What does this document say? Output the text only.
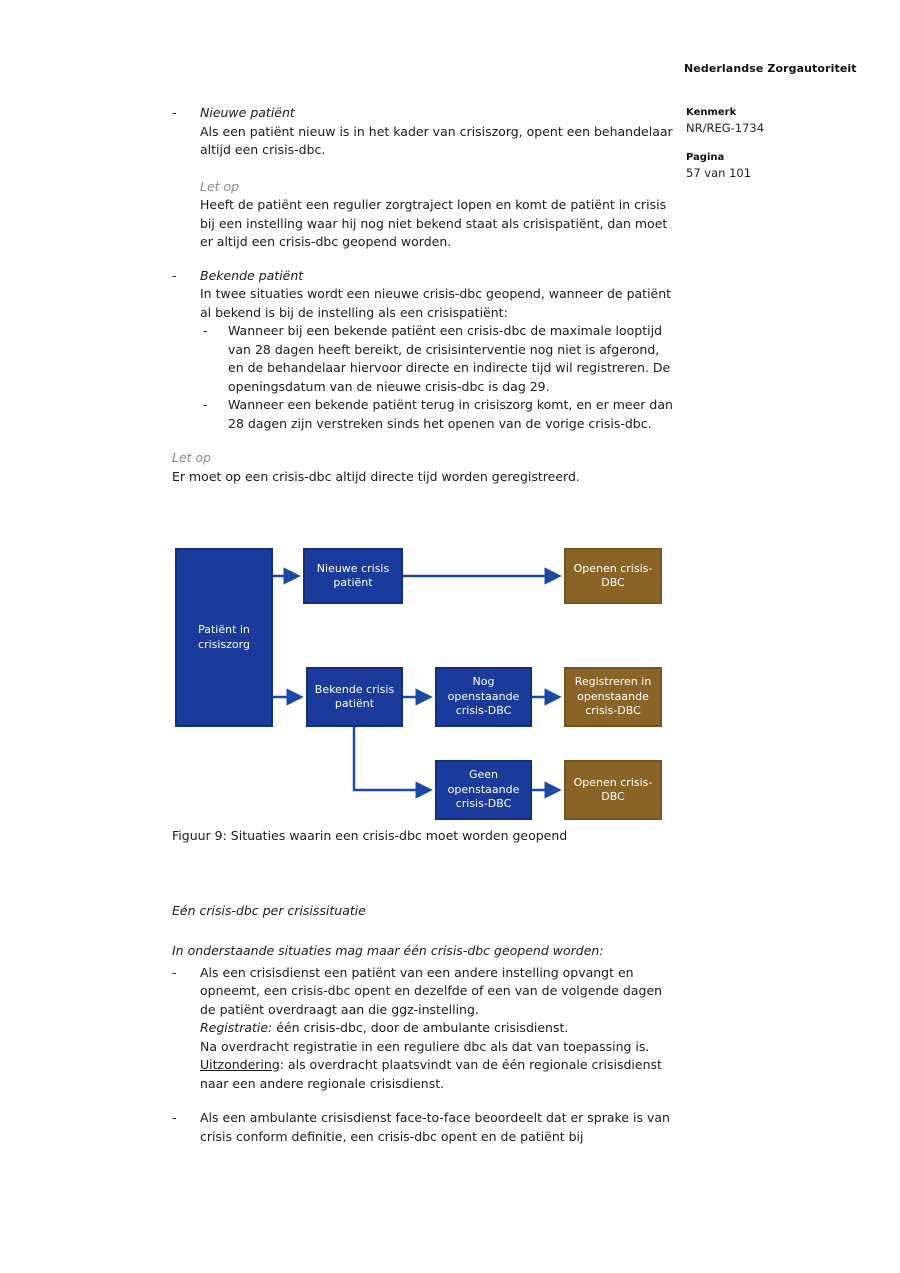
Nederlandse Zorgautoriteit
Kenmerk
NR/REG-1734
Pagina
57 van 101
-	Nieuwe patiënt
Als een patiënt nieuw is in het kader van crisiszorg, opent een behandelaar altijd een crisis-dbc.
Let op
Heeft de patiënt een regulier zorgtraject lopen en komt de patiënt in crisis bij een instelling waar hij nog niet bekend staat als crisispatiënt, dan moet er altijd een crisis-dbc geopend worden.
-	Bekende patiënt
In twee situaties wordt een nieuwe crisis-dbc geopend, wanneer de patiënt al bekend is bij de instelling als een crisispatiënt:
-	Wanneer bij een bekende patiënt een crisis-dbc de maximale looptijd van 28 dagen heeft bereikt, de crisisinterventie nog niet is afgerond, en de behandelaar hiervoor directe en indirecte tijd wil registreren. De openingsdatum van de nieuwe crisis-dbc is dag 29.
-	Wanneer een bekende patiënt terug in crisiszorg komt, en er meer dan 28 dagen zijn verstreken sinds het openen van de vorige crisis-dbc.
Let op
Er moet op een crisis-dbc altijd directe tijd worden geregistreerd.
Patiënt in crisiszorg
Nieuwe crisis patiënt
Openen crisis-DBC
Bekende crisis patiënt
Nog openstaande crisis-DBC
Registreren in openstaande crisis-DBC
Geen openstaande crisis-DBC
Openen crisis-DBC
Figuur 9: Situaties waarin een crisis-dbc moet worden geopend
Eén crisis-dbc per crisissituatie
In onderstaande situaties mag maar één crisis-dbc geopend worden:
-	Als een crisisdienst een patiënt van een andere instelling opvangt en opneemt, een crisis-dbc opent en dezelfde of een van de volgende dagen de patiënt overdraagt aan die ggz-instelling.
Registratie: één crisis-dbc, door de ambulante crisisdienst.
Na overdracht registratie in een reguliere dbc als dat van toepassing is.
Uitzondering: als overdracht plaatsvindt van de één regionale crisisdienst naar een andere regionale crisisdienst.
-	Als een ambulante crisisdienst face-to-face beoordeelt dat er sprake is van crisis conform definitie, een crisis-dbc opent en de patiënt bij
